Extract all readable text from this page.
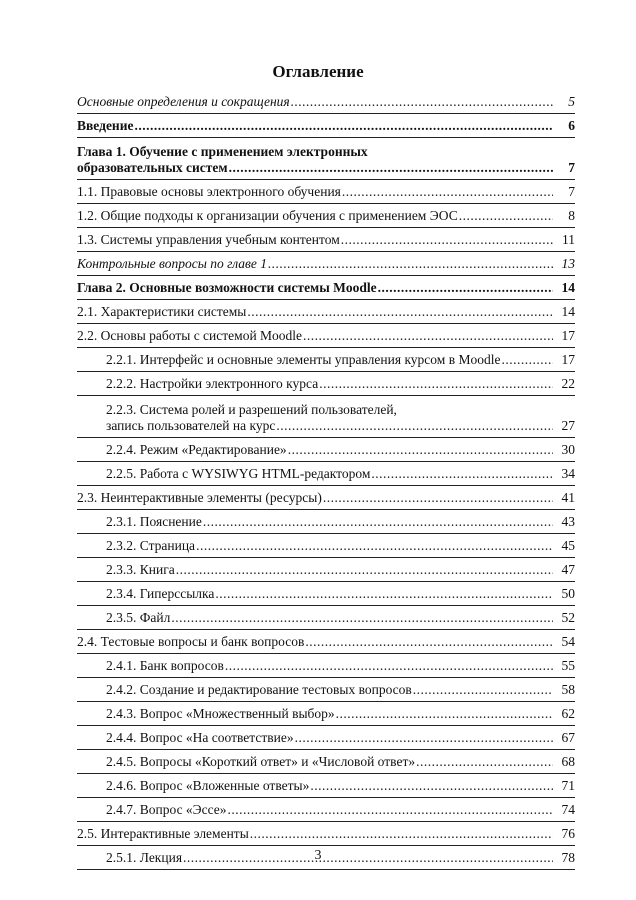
Оглавление
Основные определения и сокращения .....	5
Введение .....	6
Глава 1. Обучение с применением электронных
образовательных систем .....	7
1.1. Правовые основы электронного обучения .....	7
1.2. Общие подходы к организации обучения с применением ЭОС .....	8
1.3. Системы управления учебным контентом .....	11
Контрольные вопросы по главе 1 .....	13
Глава 2. Основные возможности системы Moodle .....	14
2.1. Характеристики системы .....	14
2.2. Основы работы с системой Moodle .....	17
2.2.1. Интерфейс и основные элементы управления курсом в Moodle .....	17
2.2.2. Настройки электронного курса .....	22
2.2.3. Система ролей и разрешений пользователей,
запись пользователей на курс .....	27
2.2.4. Режим «Редактирование» .....	30
2.2.5. Работа с WYSIWYG HTML-редактором .....	34
2.3. Неинтерактивные элементы (ресурсы) .....	41
2.3.1. Пояснение .....	43
2.3.2. Страница .....	45
2.3.3. Книга .....	47
2.3.4. Гиперссылка .....	50
2.3.5. Файл .....	52
2.4. Тестовые вопросы и банк вопросов .....	54
2.4.1. Банк вопросов .....	55
2.4.2. Создание и редактирование тестовых вопросов .....	58
2.4.3. Вопрос «Множественный выбор» .....	62
2.4.4. Вопрос «На соответствие» .....	67
2.4.5. Вопросы «Короткий ответ» и «Числовой ответ» .....	68
2.4.6. Вопрос «Вложенные ответы» .....	71
2.4.7. Вопрос «Эссе» .....	74
2.5. Интерактивные элементы .....	76
2.5.1. Лекция .....	78
3
